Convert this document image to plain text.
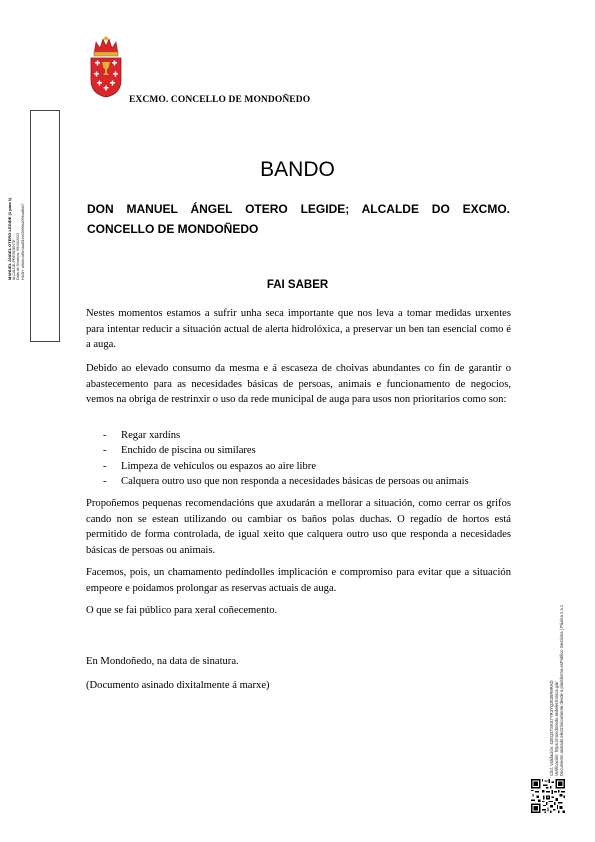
EXCMO. CONCELLO DE MONDOÑEDO
MANUEL ÁNGEL OTERO LEGIDE (1 para 1) ALCALDE-PRESIDENTE Data de Sinatura: 09/10/2023 HASH: a9b0c4d5e4ba8f1ec03999a20ff4bd8b67
Cód. Validación: 4ZEQ4TSKS7YR3YQ2635R9RAD Verificación: https://mondonedo.sedelectronica.gal/ Documento asinado electrónicamente desde a plataforma esPublico Gestiona | Páxina 1 a 1
BANDO
DON MANUEL ÁNGEL OTERO LEGIDE; ALCALDE DO EXCMO. CONCELLO DE MONDOÑEDO
FAI SABER

Nestes momentos estamos a sufrir unha seca importante que nos leva a tomar medidas urxentes para intentar reducir a situación actual de alerta hidrolóxica, a preservar un ben tan esencial como é a auga.

Debido ao elevado consumo da mesma e á escaseza de choivas abundantes co fin de garantir o abastecemento para as necesidades básicas de persoas, animais e funcionamento de negocios, vemos na obriga de restrinxir o uso da rede municipal de auga para usos non prioritarios como son:

- Regar xardíns
- Enchido de piscina ou similares
- Limpeza de vehículos ou espazos ao aire libre
- Calquera outro uso que non responda a necesidades básicas de persoas ou animais

Propoñemos pequenas recomendacións que axudarán a mellorar a situación, como cerrar os grifos cando non se estean utilizando ou cambiar os baños polas duchas. O regadío de hortos está permitido de forma controlada, de igual xeito que calquera outro uso que responda a necesidades básicas de persoas ou animais.

Facemos, pois, un chamamento pedíndolles implicación e compromiso para evitar que a situación empeore e poidamos prolongar as reservas actuais de auga.

O que se fai público para xeral coñecemento.

En Mondoñedo, na data de sinatura.

(Documento asinado dixitalmente á marxe)
